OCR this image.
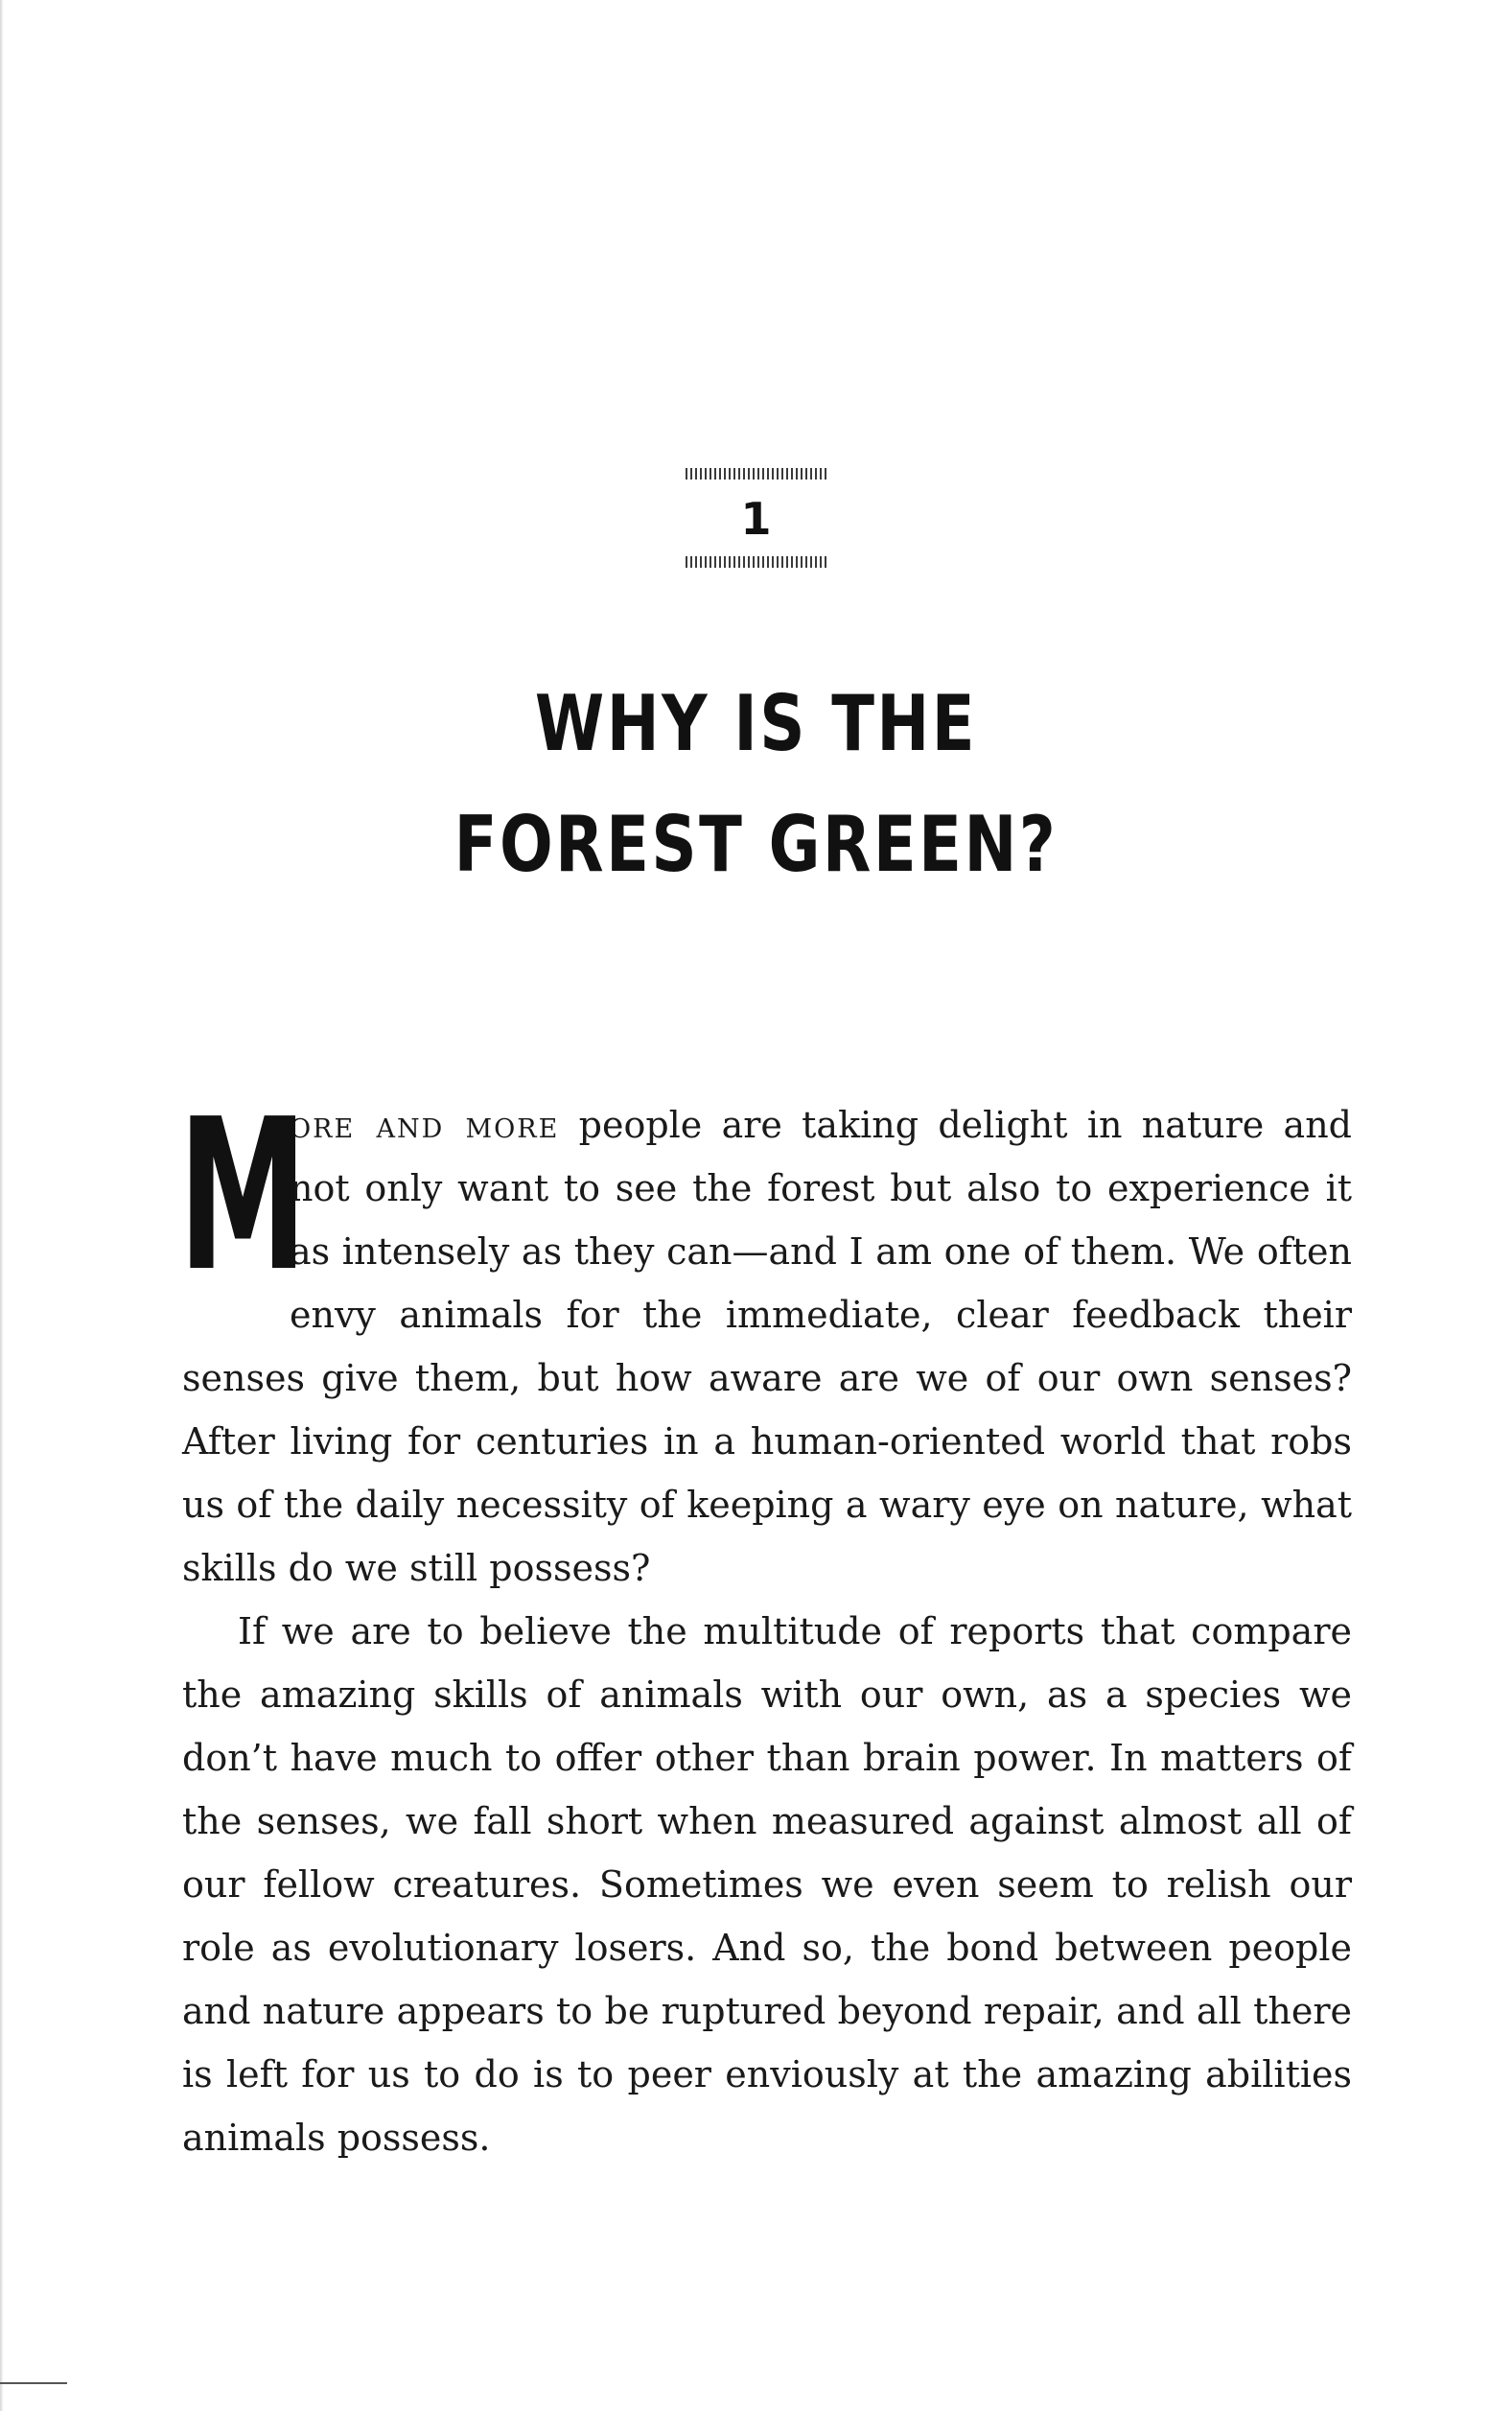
1
WHY IS THE
FOREST GREEN?

M
ore and more people are taking delight in nature and not only want to see the forest but also to experience it as intensely as they can—and I am one of them. We often envy animals for the immediate, clear feedback their senses give them, but how aware are we of our own senses? After living for centuries in a human-oriented world that robs us of the daily necessity of keeping a wary eye on nature, what skills do we still possess?

If we are to believe the multitude of reports that compare the amazing skills of animals with our own, as a species we don’t have much to offer other than brain power. In matters of the senses, we fall short when measured against almost all of our fellow creatures. Sometimes we even seem to relish our role as evolutionary losers. And so, the bond between people and nature appears to be ruptured beyond repair, and all there is left for us to do is to peer enviously at the amazing abilities animals possess.
